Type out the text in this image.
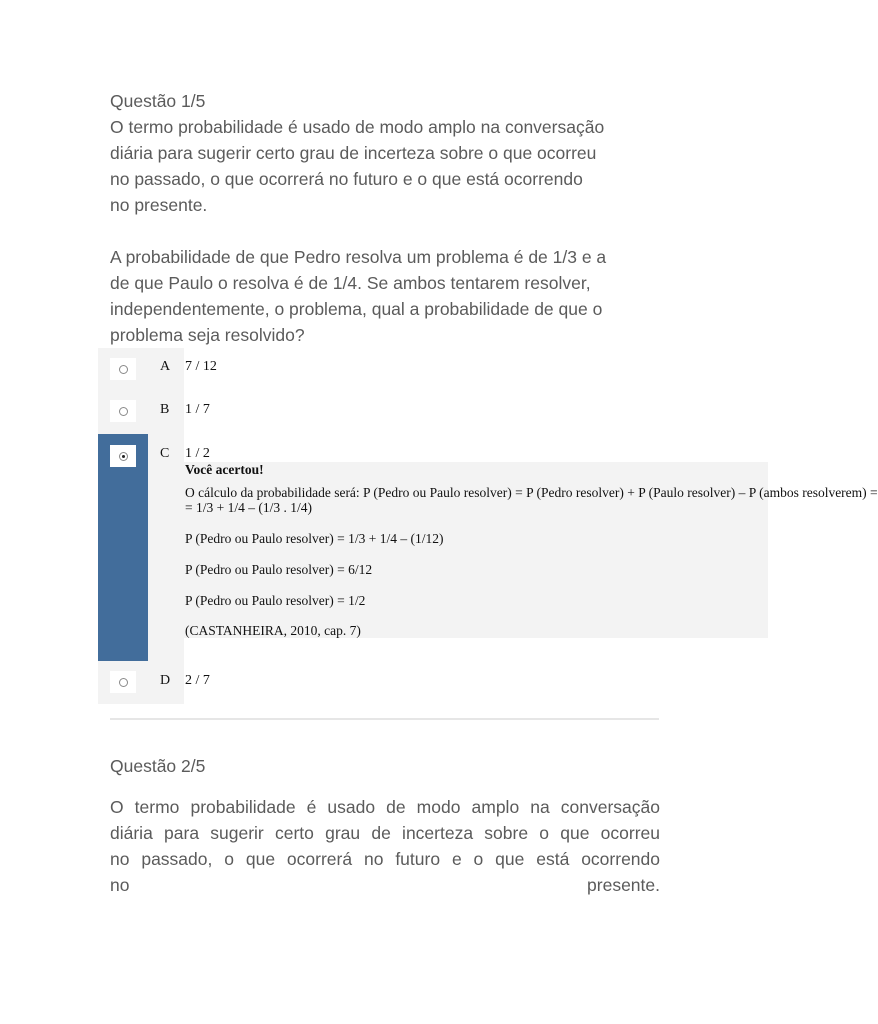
Questão 1/5

O termo probabilidade é usado de modo amplo na conversação
diária para sugerir certo grau de incerteza sobre o que ocorreu
no passado, o que ocorrerá no futuro e o que está ocorrendo
no presente.

A probabilidade de que Pedro resolva um problema é de 1/3 e a
de que Paulo o resolva é de 1/4. Se ambos tentarem resolver,
independentemente, o problema, qual a probabilidade de que o
problema seja resolvido?

A 7 / 12
B 1 / 7
C 1 / 2
Você acertou!
O cálculo da probabilidade será: P (Pedro ou Paulo resolver) = P (Pedro resolver) + P (Paulo resolver) – P (ambos resolverem) =
= 1/3 + 1/4 – (1/3 . 1/4)
P (Pedro ou Paulo resolver) = 1/3 + 1/4 – (1/12)
P (Pedro ou Paulo resolver) = 6/12
P (Pedro ou Paulo resolver) = 1/2
(CASTANHEIRA, 2010, cap. 7)
D 2 / 7
Questão 2/5
O termo probabilidade é usado de modo amplo na conversação
diária para sugerir certo grau de incerteza sobre o que ocorreu
no passado, o que ocorrerá no futuro e o que está ocorrendo
no presente.
